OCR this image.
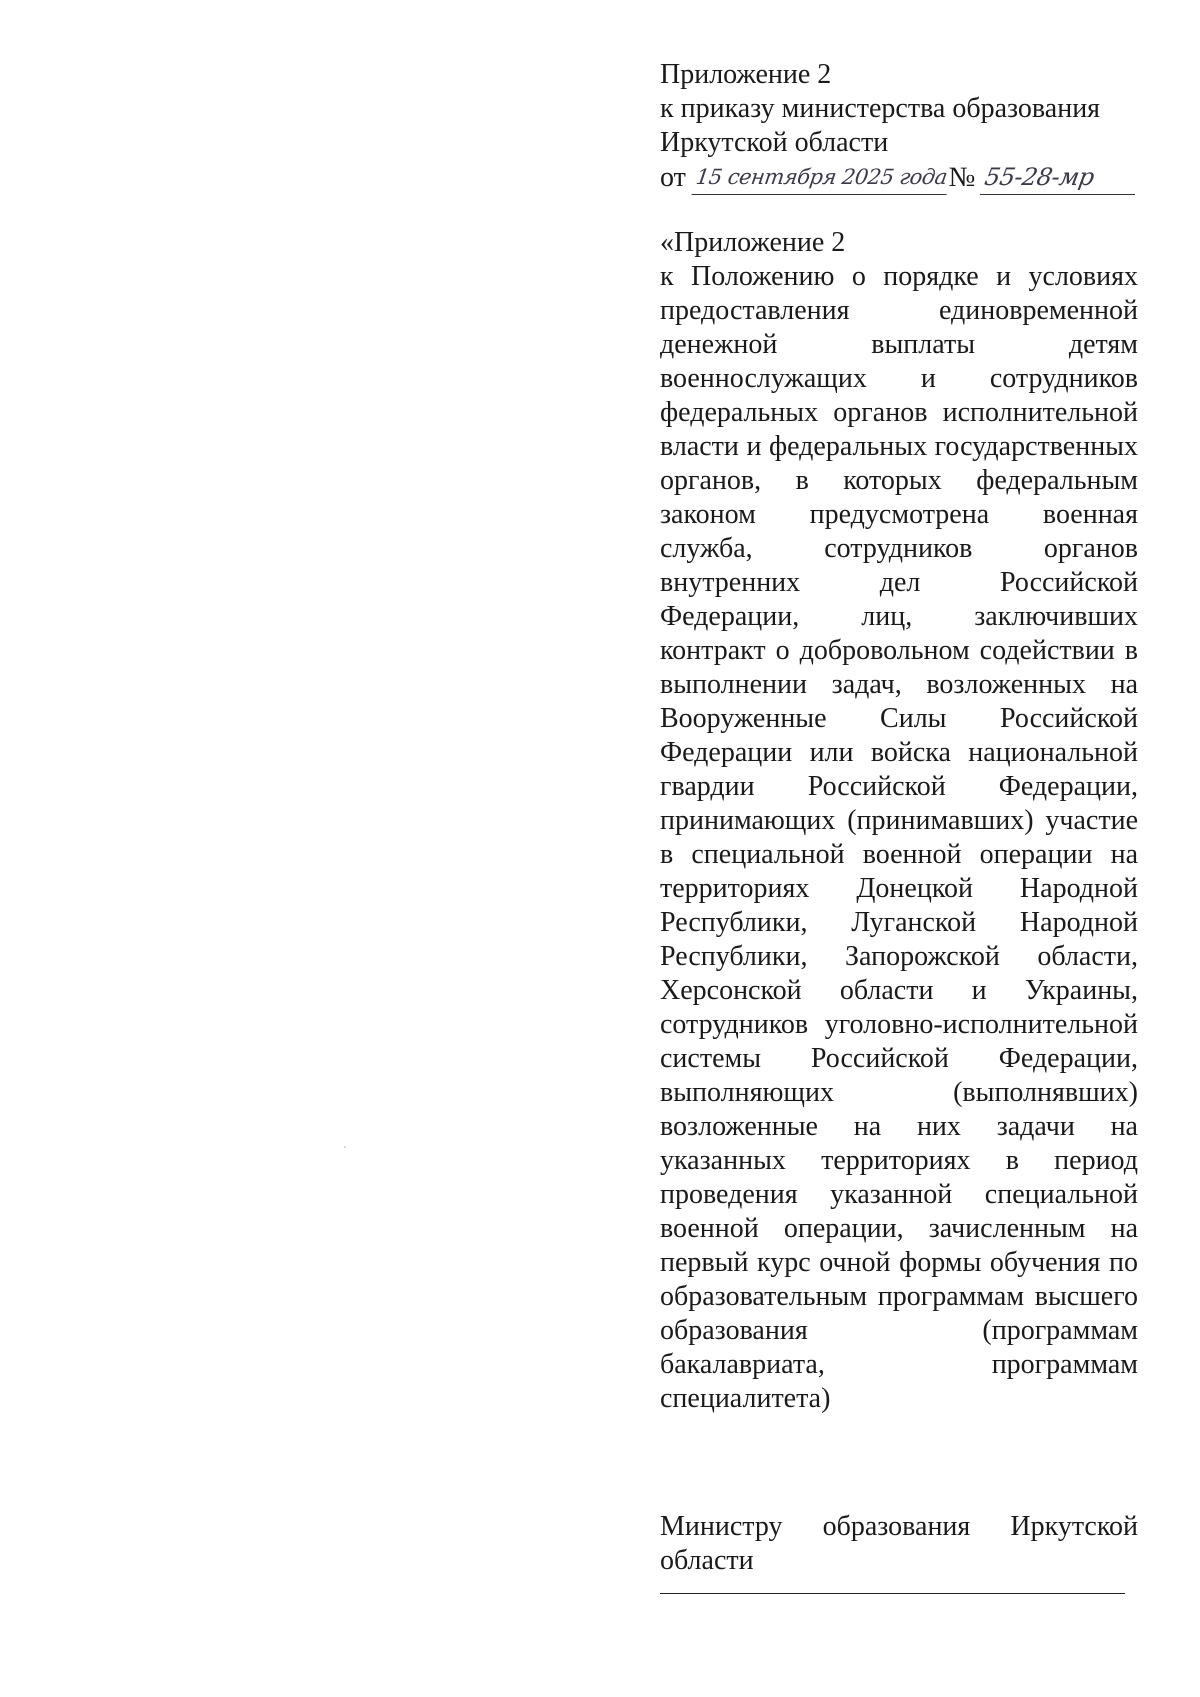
Приложение 2
к приказу министерства образования
Иркутской области
от 15 сентября 2025 года № 55-28-мр
«Приложение 2

к Положению о порядке и условиях предоставления единовременной денежной выплаты детям военнослужащих и сотрудников федеральных органов исполнительной власти и федеральных государственных органов, в которых федеральным законом предусмотрена военная служба, сотрудников органов внутренних дел Российской Федерации, лиц, заключивших контракт о добровольном содействии в выполнении задач, возложенных на Вооруженные Силы Российской Федерации или войска национальной гвардии Российской Федерации, принимающих (принимавших) участие в специальной военной операции на территориях Донецкой Народной Республики, Луганской Народной Республики, Запорожской области, Херсонской области и Украины, сотрудников уголовно-исполнительной системы Российской Федерации, выполняющих (выполнявших) возложенные на них задачи на указанных территориях в период проведения указанной специальной военной операции, зачисленным на первый курс очной формы обучения по образовательным программам высшего образования (программам бакалавриата, программам специалитета)

Министру образования Иркутской области
